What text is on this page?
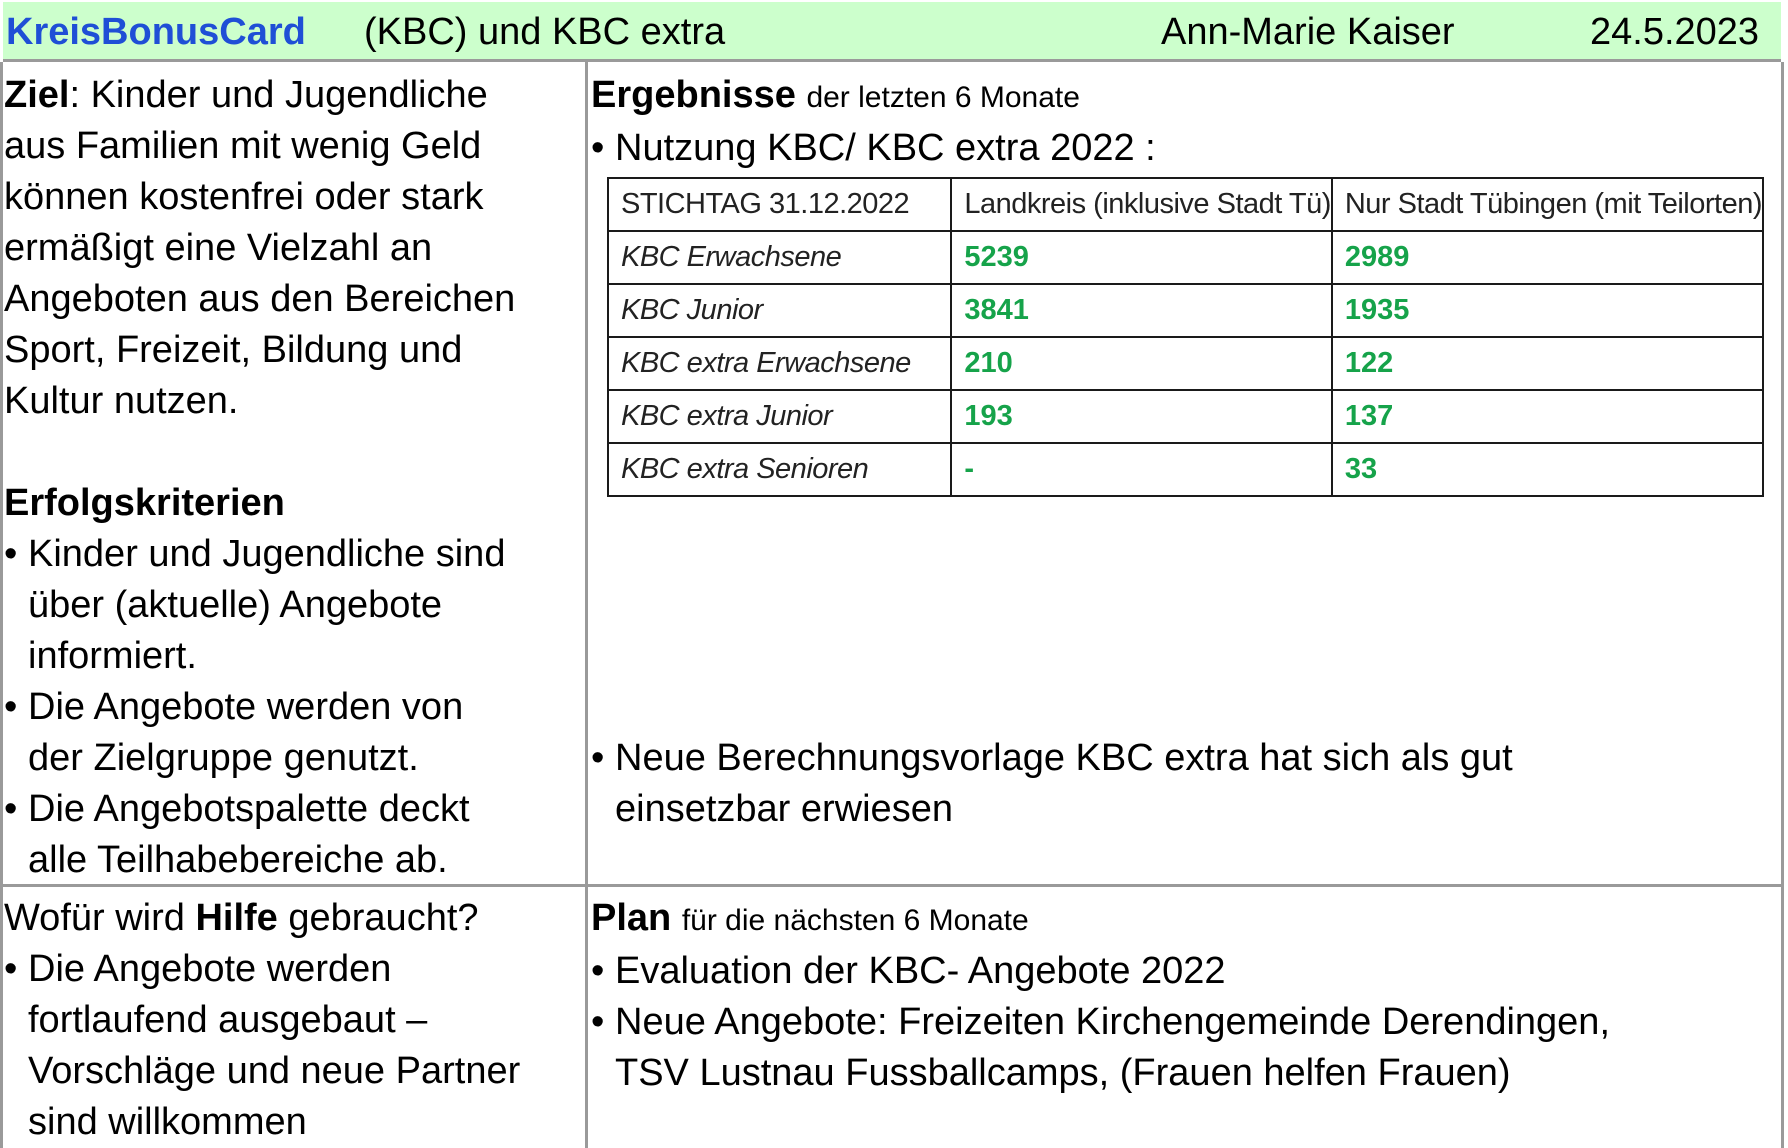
KreisBonusCard (KBC) und KBC extra	Ann-Marie Kaiser	24.5.2023
Ziel: Kinder und Jugendliche
aus Familien mit wenig Geld
können kostenfrei oder stark
ermäßigt eine Vielzahl an
Angeboten aus den Bereichen
Sport, Freizeit, Bildung und
Kultur nutzen.
Erfolgskriterien
• Kinder und Jugendliche sind
über (aktuelle) Angebote
informiert.
• Die Angebote werden von
der Zielgruppe genutzt.
• Die Angebotspalette deckt
alle Teilhabebereiche ab.
Ergebnisse der letzten 6 Monate
• Nutzung KBC/ KBC extra 2022 :
STICHTAG 31.12.2022	Landkreis (inklusive Stadt Tü)	Nur Stadt Tübingen (mit Teilorten)
KBC Erwachsene	5239	2989
KBC Junior	3841	1935
KBC extra Erwachsene	210	122
KBC extra Junior	193	137
KBC extra Senioren	-	33
• Neue Berechnungsvorlage KBC extra hat sich als gut
einsetzbar erwiesen
Wofür wird Hilfe gebraucht?
• Die Angebote werden
fortlaufend ausgebaut –
Vorschläge und neue Partner
sind willkommen
Plan für die nächsten 6 Monate
• Evaluation der KBC- Angebote 2022
• Neue Angebote: Freizeiten Kirchengemeinde Derendingen,
TSV Lustnau Fussballcamps, (Frauen helfen Frauen)
